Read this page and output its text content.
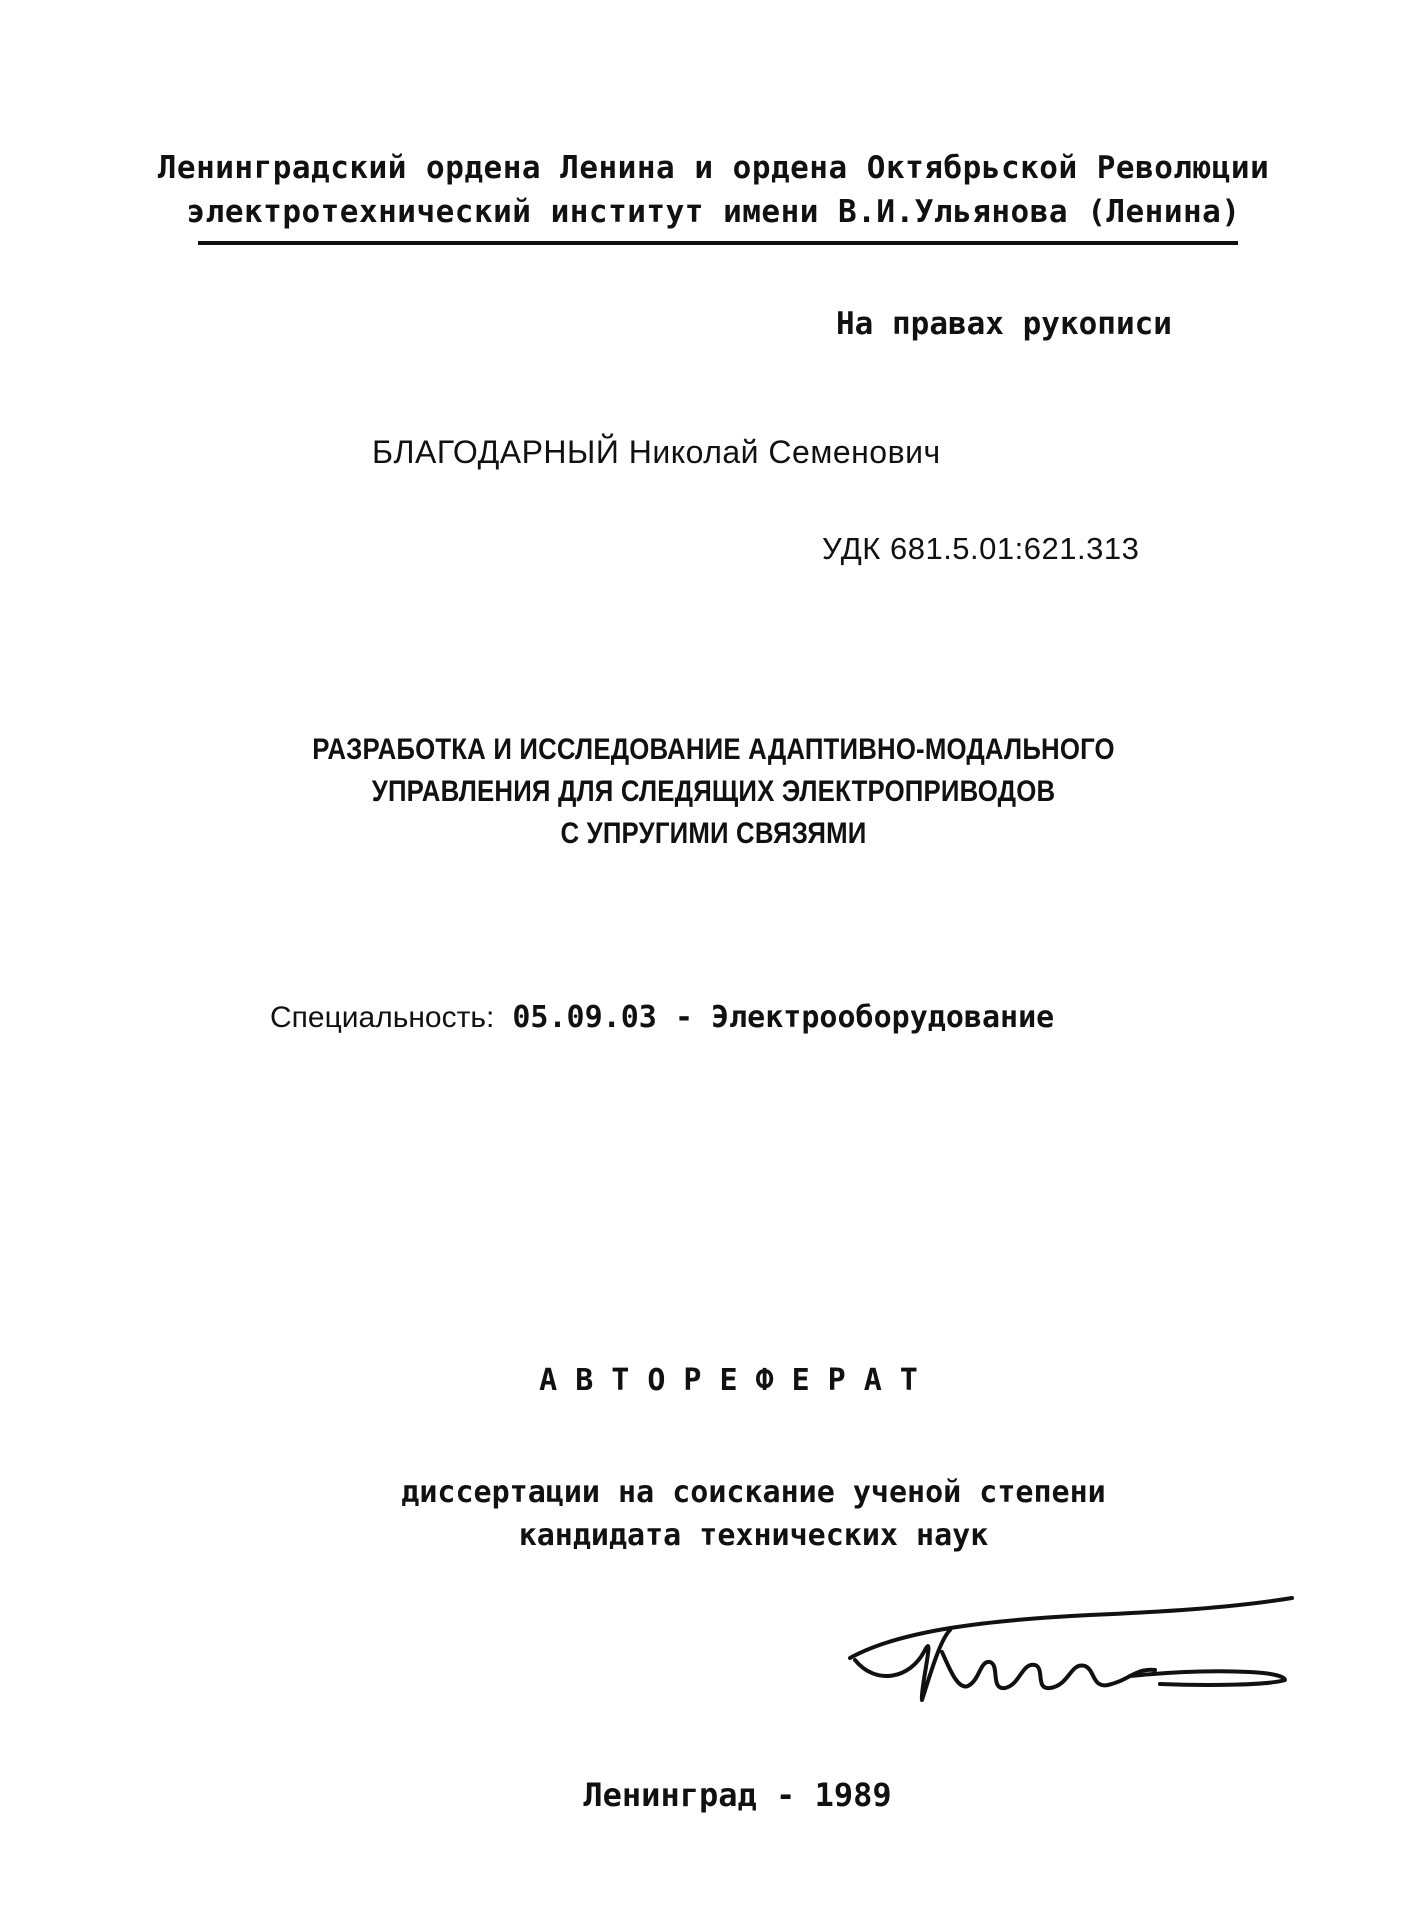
Ленинградский ордена Ленина и ордена Октябрьской Революции
электротехнический институт имени В.И.Ульянова (Ленина)
На правах рукописи
БЛАГОДАРНЫЙ Николай Семенович
УДК 681.5.01:621.313
РАЗРАБОТКА И ИССЛЕДОВАНИЕ АДАПТИВНО-МОДАЛЬНОГО
УПРАВЛЕНИЯ ДЛЯ СЛЕДЯЩИХ ЭЛЕКТРОПРИВОДОВ
С УПРУГИМИ СВЯЗЯМИ
Специальность: 05.09.03 - Электрооборудование
АВТОРЕФЕРАТ
диссертации на соискание ученой степени
кандидата технических наук
Ленинград - 1989
